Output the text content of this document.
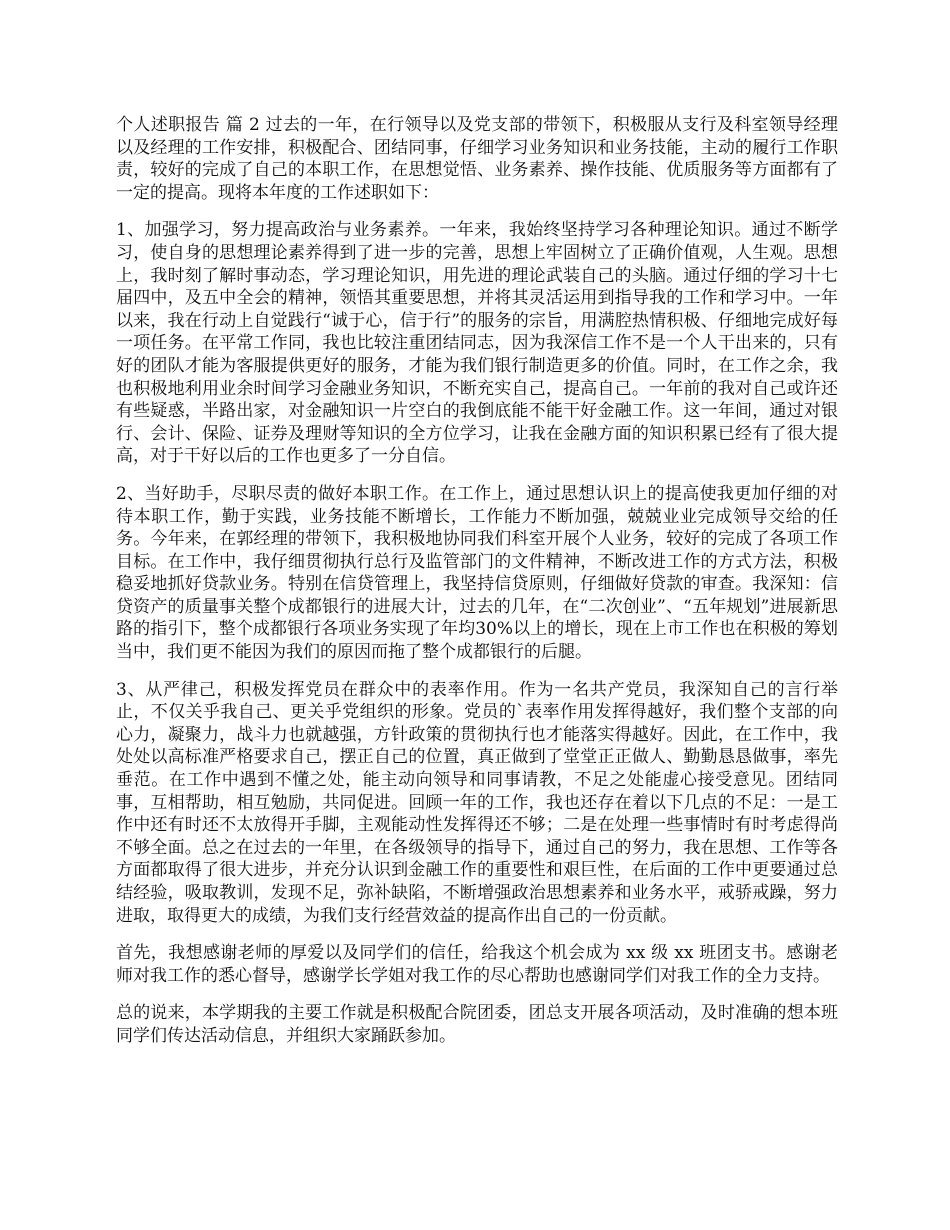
个人述职报告 篇 2 过去的一年，在行领导以及党支部的带领下，积极服从支行及科室领导经理以及经理的工作安排，积极配合、团结同事，仔细学习业务知识和业务技能，主动的履行工作职责，较好的完成了自己的本职工作，在思想觉悟、业务素养、操作技能、优质服务等方面都有了一定的提高。现将本年度的工作述职如下：

1、加强学习，努力提高政治与业务素养。一年来，我始终坚持学习各种理论知识。通过不断学习，使自身的思想理论素养得到了进一步的完善，思想上牢固树立了正确价值观，人生观。思想上，我时刻了解时事动态，学习理论知识，用先进的理论武装自己的头脑。通过仔细的学习十七届四中，及五中全会的精神，领悟其重要思想，并将其灵活运用到指导我的工作和学习中。一年以来，我在行动上自觉践行“诚于心，信于行”的服务的宗旨，用满腔热情积极、仔细地完成好每一项任务。在平常工作同，我也比较注重团结同志，因为我深信工作不是一个人干出来的，只有好的团队才能为客服提供更好的服务，才能为我们银行制造更多的价值。同时，在工作之余，我也积极地利用业余时间学习金融业务知识，不断充实自己，提高自己。一年前的我对自己或许还有些疑惑，半路出家，对金融知识一片空白的我倒底能不能干好金融工作。这一年间，通过对银行、会计、保险、证券及理财等知识的全方位学习，让我在金融方面的知识积累已经有了很大提高，对于干好以后的工作也更多了一分自信。

2、当好助手，尽职尽责的做好本职工作。在工作上，通过思想认识上的提高使我更加仔细的对待本职工作，勤于实践，业务技能不断增长，工作能力不断加强，兢兢业业完成领导交给的任务。今年来，在郭经理的带领下，我积极地协同我们科室开展个人业务，较好的完成了各项工作目标。在工作中，我仔细贯彻执行总行及监管部门的文件精神，不断改进工作的方式方法，积极稳妥地抓好贷款业务。特别在信贷管理上，我坚持信贷原则，仔细做好贷款的审查。我深知：信贷资产的质量事关整个成都银行的进展大计，过去的几年，在“二次创业”、“五年规划”进展新思路的指引下，整个成都银行各项业务实现了年均30%以上的增长，现在上市工作也在积极的筹划当中，我们更不能因为我们的原因而拖了整个成都银行的后腿。

3、从严律己，积极发挥党员在群众中的表率作用。作为一名共产党员，我深知自己的言行举止，不仅关乎我自己、更关乎党组织的形象。党员的`表率作用发挥得越好，我们整个支部的向心力，凝聚力，战斗力也就越强，方针政策的贯彻执行也才能落实得越好。因此，在工作中，我处处以高标准严格要求自己，摆正自己的位置，真正做到了堂堂正正做人、勤勤恳恳做事，率先垂范。在工作中遇到不懂之处，能主动向领导和同事请教，不足之处能虚心接受意见。团结同事，互相帮助，相互勉励，共同促进。回顾一年的工作，我也还存在着以下几点的不足：一是工作中还有时还不太放得开手脚，主观能动性发挥得还不够；二是在处理一些事情时有时考虑得尚不够全面。总之在过去的一年里，在各级领导的指导下，通过自己的努力，我在思想、工作等各方面都取得了很大进步，并充分认识到金融工作的重要性和艰巨性，在后面的工作中更要通过总结经验，吸取教训，发现不足，弥补缺陷，不断增强政治思想素养和业务水平，戒骄戒躁，努力进取，取得更大的成绩，为我们支行经营效益的提高作出自己的一份贡献。

首先，我想感谢老师的厚爱以及同学们的信任，给我这个机会成为 xx 级 xx 班团支书。感谢老师对我工作的悉心督导，感谢学长学姐对我工作的尽心帮助也感谢同学们对我工作的全力支持。

总的说来，本学期我的主要工作就是积极配合院团委，团总支开展各项活动，及时准确的想本班同学们传达活动信息，并组织大家踊跃参加。
